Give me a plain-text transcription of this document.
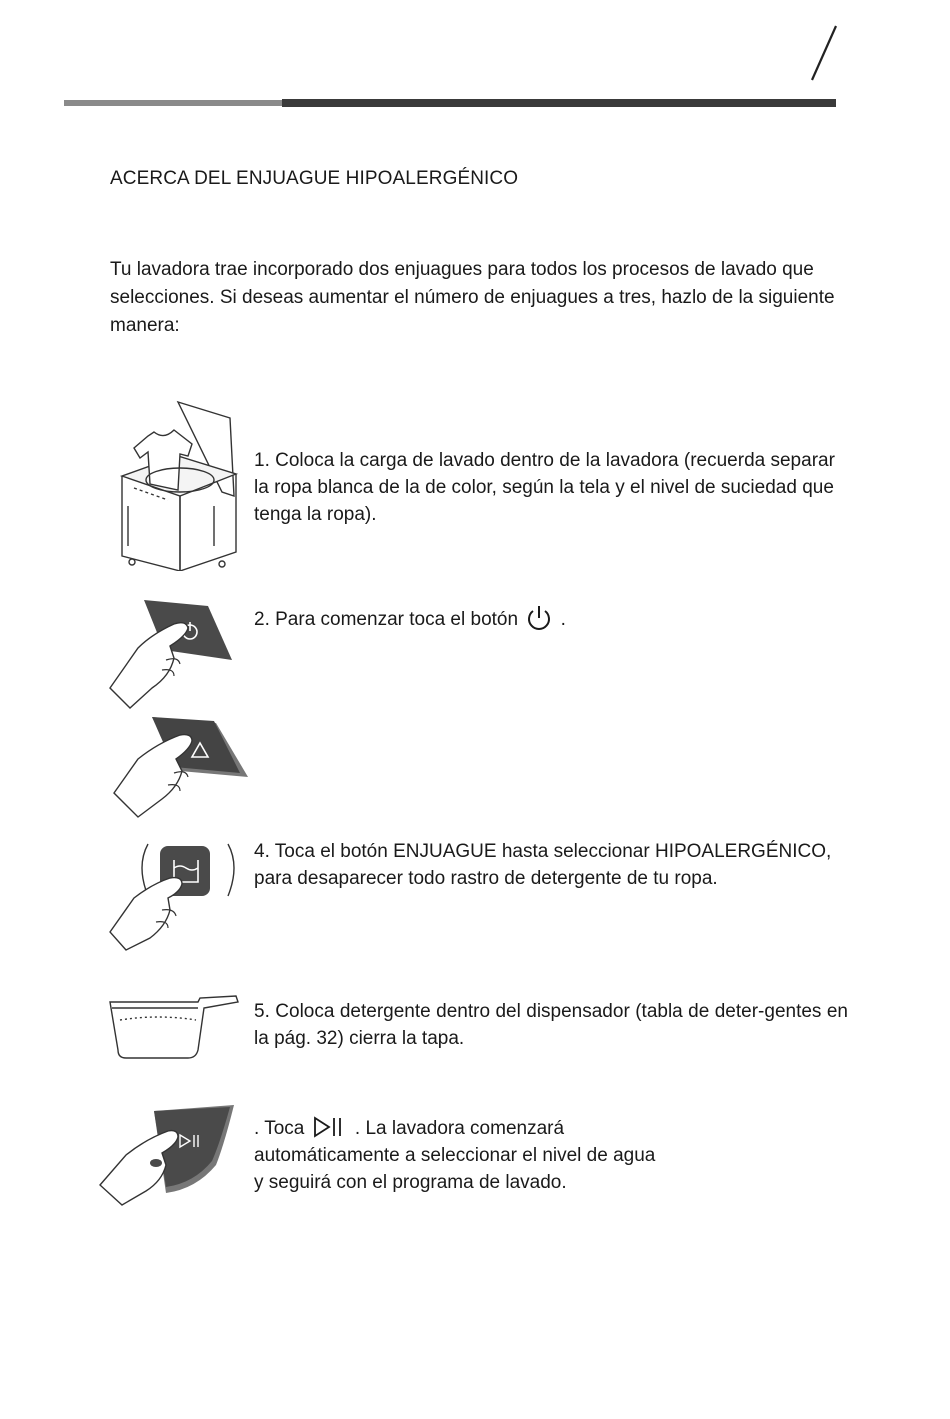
ACERCA DEL ENJUAGUE HIPOALERGÉNICO

Tu lavadora trae incorporado dos enjuagues para todos los procesos de lavado que selecciones. Si deseas aumentar el número de enjuagues a tres, hazlo de la siguiente manera:

1. Coloca la carga de lavado dentro de la lavadora (recuerda separar la ropa blanca de la de color, según la tela y el nivel de suciedad que tenga la ropa).

2. Para comenzar toca el botón .

4. Toca el botón ENJUAGUE hasta seleccionar HIPOALERGÉNICO, para desaparecer todo rastro de detergente de tu ropa.

5. Coloca detergente dentro del dispensador (tabla de deter-gentes en la pág. 32) cierra la tapa.

. Toca	. La lavadora comenzará
automáticamente a seleccionar el nivel de agua
y seguirá con el programa de lavado.
